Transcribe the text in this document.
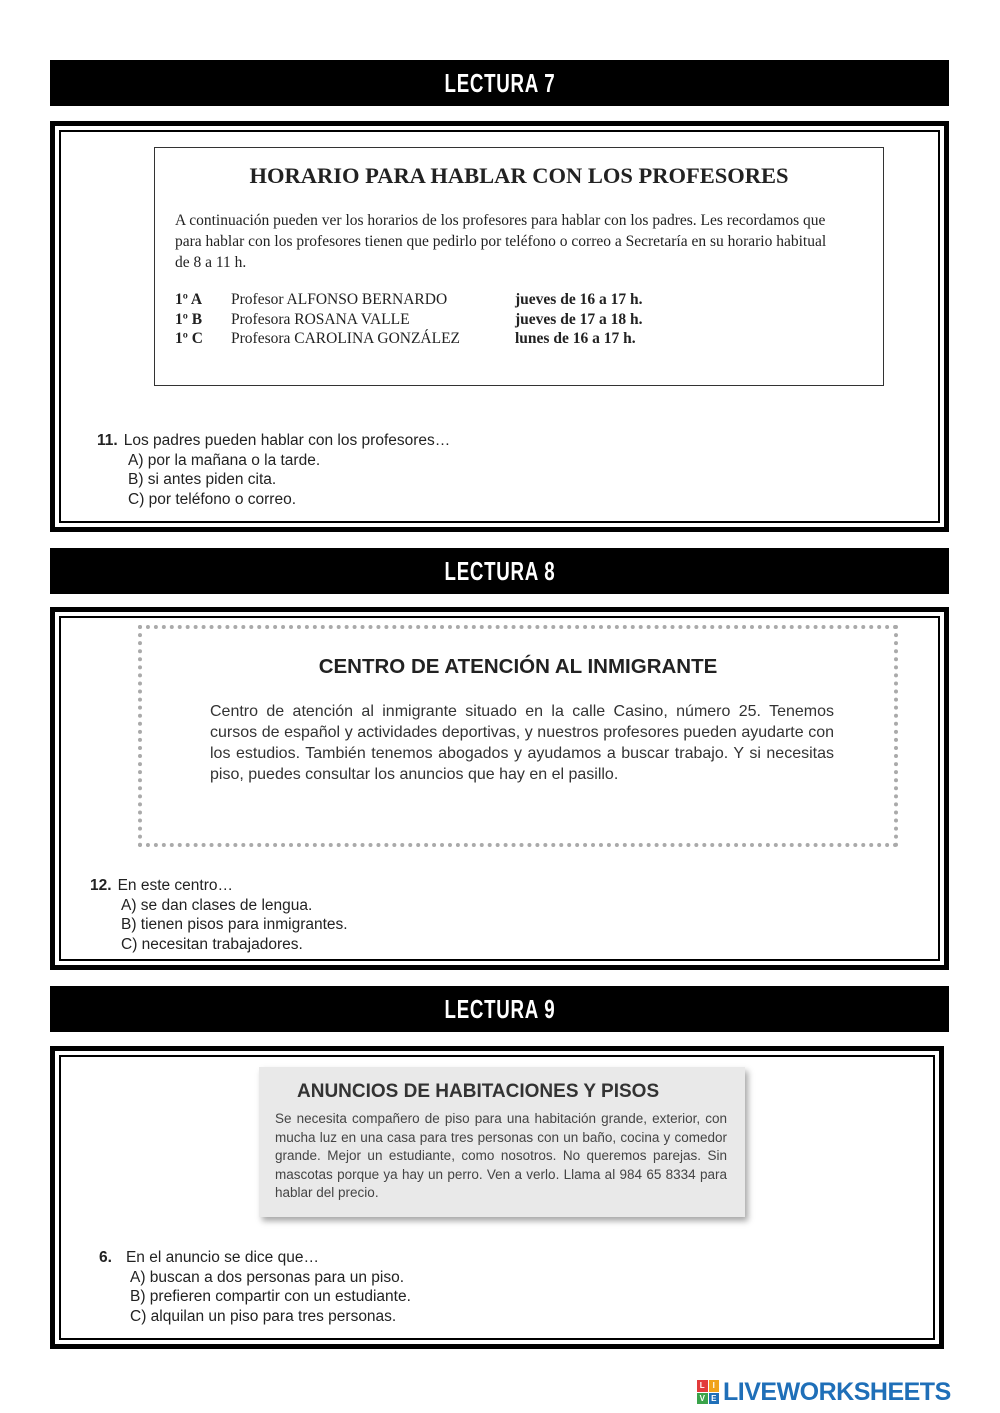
LECTURA 7
HORARIO PARA HABLAR CON LOS PROFESORES
A continuación pueden ver los horarios de los profesores para hablar con los padres. Les recordamos que para hablar con los profesores tienen que pedirlo por teléfono o correo a Secretaría en su horario habitual de 8 a 11 h.
1º A Profesor ALFONSO BERNARDO	jueves de 16 a 17 h.
1º B Profesora ROSANA VALLE	jueves de 17 a 18 h.
1º C Profesora CAROLINA GONZÁLEZ	lunes de 16 a 17 h.
11. Los padres pueden hablar con los profesores…
A) por la mañana o la tarde.
B) si antes piden cita.
C) por teléfono o correo.
LECTURA 8
CENTRO DE ATENCIÓN AL INMIGRANTE
Centro de atención al inmigrante situado en la calle Casino, número 25. Tenemos cursos de español y actividades deportivas, y nuestros profesores pueden ayudarte con los estudios. También tenemos abogados y ayudamos a buscar trabajo. Y si necesitas piso, puedes consultar los anuncios que hay en el pasillo.
12. En este centro…
A) se dan clases de lengua.
B) tienen pisos para inmigrantes.
C) necesitan trabajadores.
LECTURA 9
ANUNCIOS DE HABITACIONES Y PISOS
Se necesita compañero de piso para una habitación grande, exterior, con mucha luz en una casa para tres personas con un baño, cocina y comedor grande. Mejor un estudiante, como nosotros. No queremos parejas. Sin mascotas porque ya hay un perro. Ven a verlo. Llama al 984 65 8334 para hablar del precio.
6. En el anuncio se dice que…
A) buscan a dos personas para un piso.
B) prefieren compartir con un estudiante.
C) alquilan un piso para tres personas.
L I
V E LIVEWORKSHEETS
